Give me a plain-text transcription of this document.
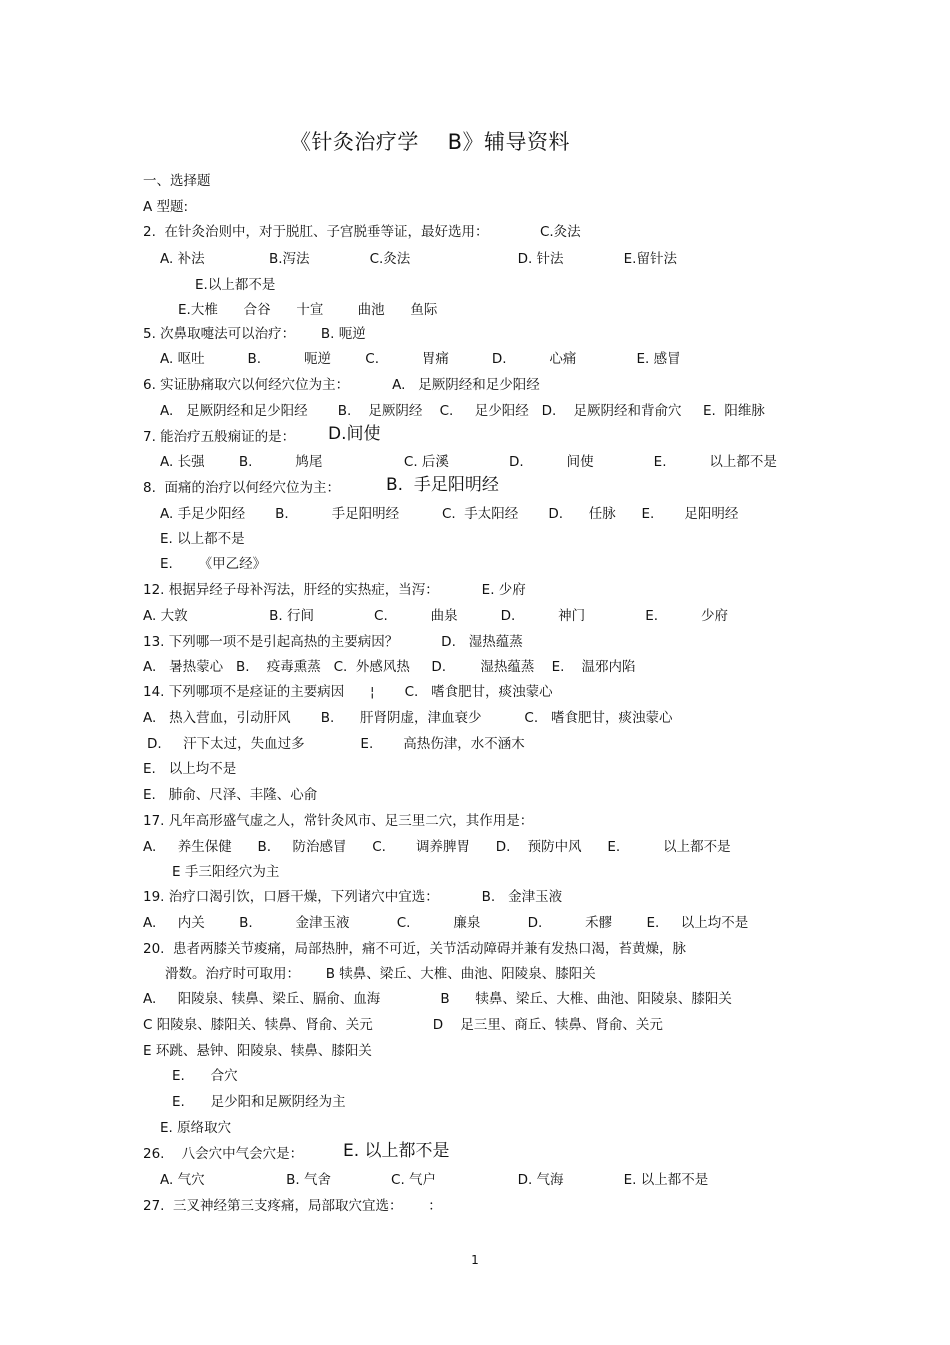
《针灸治疗学    B》辅导资料
一、选择题
A 型题:
2.  在针灸治则中，对于脱肛、子宫脱垂等证，最好选用：            C.灸法
A. 补法               B.泻法              C.灸法                         D. 针法              E.留针法
E.以上都不是
E.大椎      合谷      十宣        曲池      鱼际
5. 次鼻取嚏法可以治疗：      B. 呃逆
A. 呕吐          B.          呃逆        C.          胃痛          D.          心痛              E. 感冒
6. 实证胁痛取穴以何经穴位为主：          A.   足厥阴经和足少阳经
A.   足厥阴经和足少阳经       B.    足厥阴经    C.     足少阳经   D.    足厥阴经和背俞穴     E.  阳维脉
7. 能治疗五般痫证的是： D.间使
A. 长强        B.          鸠尾                   C. 后溪              D.          间使              E.          以上都不是
8.  面痛的治疗以何经穴位为主：	B.  手足阳明经
A. 手足少阳经       B.          手足阳明经          C.  手太阳经       D.      任脉      E.       足阳明经
E. 以上都不是
E.      《甲乙经》
12. 根据异经子母补泻法，肝经的实热症，当泻：          E. 少府
A. 大敦                   B. 行间              C.          曲泉          D.          神门              E.          少府
13. 下列哪一项不是引起高热的主要病因？          D.   湿热蕴蒸
A.   暑热蒙心   B.    疫毒熏蒸   C.  外感风热     D.        湿热蕴蒸    E.    温邪内陷
14. 下列哪项不是痉证的主要病因      ¦       C.   嗜食肥甘，痰浊蒙心
A.   热入营血，引动肝风       B.      肝肾阴虚，津血衰少          C.   嗜食肥甘，痰浊蒙心
D.     汗下太过，失血过多             E.       高热伤津，水不涵木
E.   以上均不是
E.   肺俞、尺泽、丰隆、心俞
17. 凡年高形盛气虚之人，常针灸风市、足三里二穴，其作用是：
A.     养生保健      B.     防治感冒      C.       调养脾胃      D.    预防中风      E.          以上都不是
E 手三阳经穴为主
19. 治疗口渴引饮，口唇干燥，下列诸穴中宜选：          B.   金津玉液
A.     内关        B.          金津玉液           C.          廉泉           D.          禾髎        E.     以上均不是
20.  患者两膝关节痠痛，局部热肿，痛不可近，关节活动障碍并兼有发热口渴，苔黄燥，脉
滑数。治疗时可取用：      B 犊鼻、梁丘、大椎、曲池、阳陵泉、膝阳关
A.     阳陵泉、犊鼻、梁丘、膈俞、血海              B      犊鼻、梁丘、大椎、曲池、阳陵泉、膝阳关
C 阳陵泉、膝阳关、犊鼻、肾俞、关元              D    足三里、商丘、犊鼻、肾俞、关元
E 环跳、悬钟、阳陵泉、犊鼻、膝阳关
E.      合穴
E.      足少阳和足厥阴经为主
E. 原络取穴
26.    八会穴中气会穴是： E. 以上都不是
A. 气穴                   B. 气舍              C. 气户                   D. 气海              E. 以上都不是
27.  三叉神经第三支疼痛，局部取穴宜选：      ：
1
